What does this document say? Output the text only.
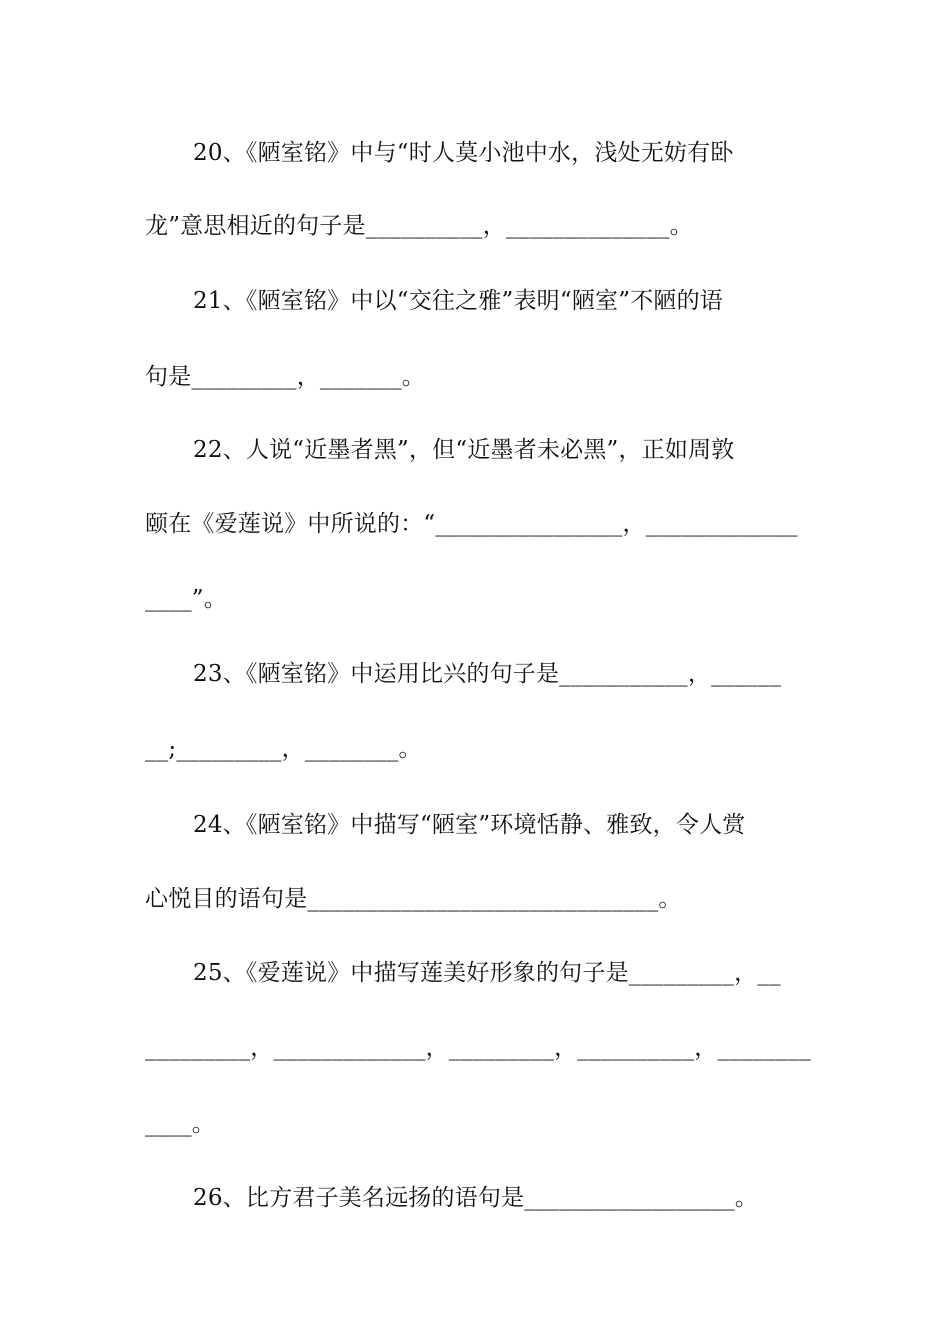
20、《陋室铭》中与“时人莫小池中水，浅处无妨有卧
龙”意思相近的句子是__________，______________。
21、《陋室铭》中以“交往之雅”表明“陋室”不陋的语
句是_________，_______。
22、人说“近墨者黑”，但“近墨者未必黑”，正如周敦
颐在《爱莲说》中所说的：“________________，_____________
____”。
23、《陋室铭》中运用比兴的句子是___________，______
__;_________，________。
24、《陋室铭》中描写“陋室”环境恬静、雅致，令人赏
心悦目的语句是______________________________。
25、《爱莲说》中描写莲美好形象的句子是_________，__
_________，_____________，_________，__________，________
____。
26、比方君子美名远扬的语句是__________________。
